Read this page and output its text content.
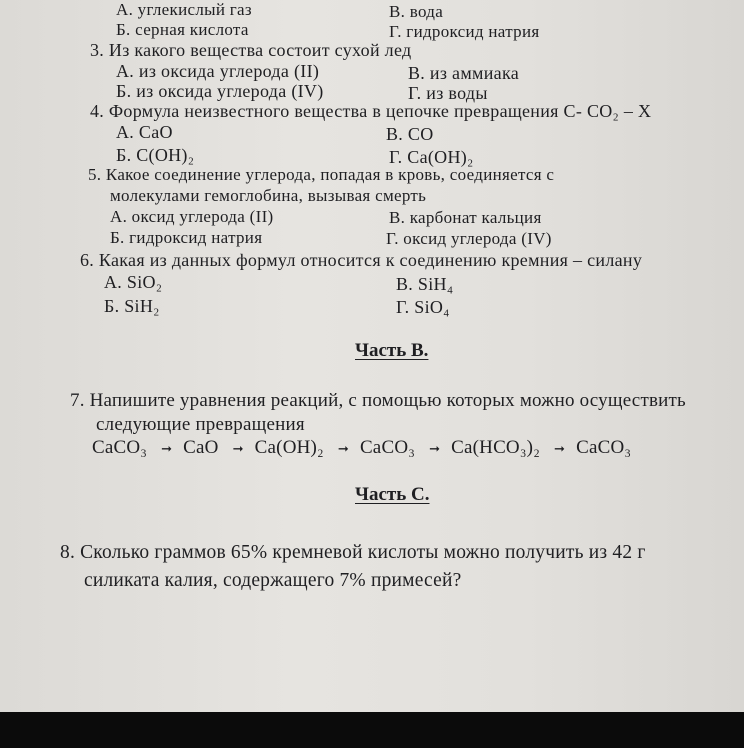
А. углекислый газ	В. вода
Б. серная кислота	Г. гидроксид натрия
3. Из какого вещества состоит сухой лед
А. из оксида углерода (II)	В. из аммиака
Б. из оксида углерода (IV)	Г. из воды
4. Формула неизвестного вещества в цепочке превращения C- CO₂ – X
А. CaO	В. CO
Б. C(OH)₂	Г. Ca(OH)₂
5. Какое соединение углерода, попадая в кровь, соединяется с
молекулами гемоглобина, вызывая смерть
А. оксид углерода (II)	В. карбонат кальция
Б. гидроксид натрия	Г. оксид углерода (IV)
6. Какая из данных формул относится к соединению кремния – силану
А. SiO₂	В. SiH₄
Б. SiH₂	Г. SiO₄
Часть В.
7. Напишите уравнения реакций, с помощью которых можно осуществить
следующие превращения
CaCO₃ ➞ CaO ➞ Ca(OH)₂ ➞ CaCO₃ ➞ Ca(HCO₃)₂ ➞ CaCO₃
Часть С.
8. Сколько граммов 65% кремневой кислоты можно получить из 42 г
силиката калия, содержащего 7% примесей?
